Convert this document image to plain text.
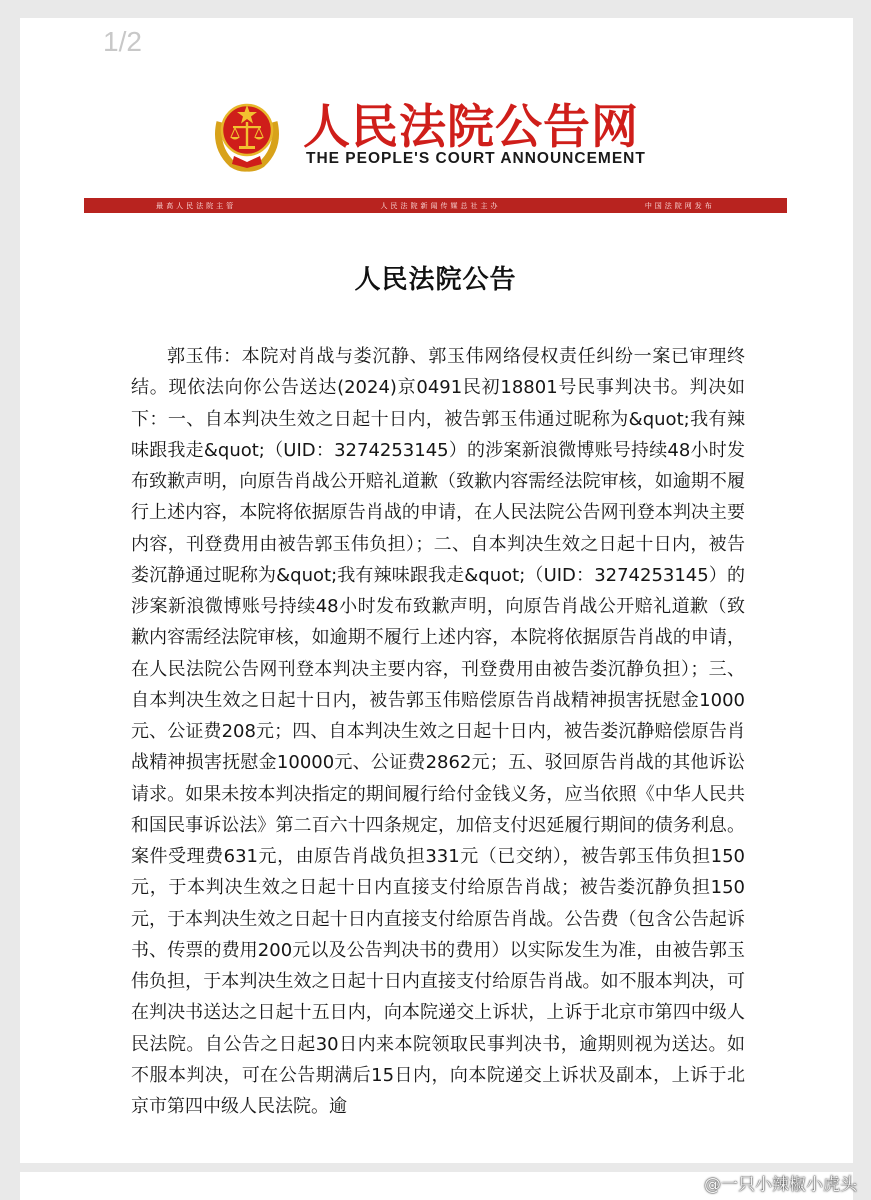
1/2
人民法院公告网
THE PEOPLE'S COURT ANNOUNCEMENT
最高人民法院主管	人民法院新闻传媒总社主办	中国法院网发布
人民法院公告

郭玉伟：本院对肖战与娄沉静、郭玉伟网络侵权责任纠纷一案已审理终结。现依法向你公告送达(2024)京0491民初18801号民事判决书。判决如下：一、自本判决生效之日起十日内，被告郭玉伟通过昵称为&quot;我有辣味跟我走&quot;（UID：3274253145）的涉案新浪微博账号持续48小时发布致歉声明，向原告肖战公开赔礼道歉（致歉内容需经法院审核，如逾期不履行上述内容，本院将依据原告肖战的申请，在人民法院公告网刊登本判决主要内容，刊登费用由被告郭玉伟负担）；二、自本判决生效之日起十日内，被告娄沉静通过昵称为&quot;我有辣味跟我走&quot;（UID：3274253145）的涉案新浪微博账号持续48小时发布致歉声明，向原告肖战公开赔礼道歉（致歉内容需经法院审核，如逾期不履行上述内容，本院将依据原告肖战的申请，在人民法院公告网刊登本判决主要内容，刊登费用由被告娄沉静负担）；三、自本判决生效之日起十日内，被告郭玉伟赔偿原告肖战精神损害抚慰金1000元、公证费208元；四、自本判决生效之日起十日内，被告娄沉静赔偿原告肖战精神损害抚慰金10000元、公证费2862元；五、驳回原告肖战的其他诉讼请求。如果未按本判决指定的期间履行给付金钱义务，应当依照《中华人民共和国民事诉讼法》第二百六十四条规定，加倍支付迟延履行期间的债务利息。案件受理费631元，由原告肖战负担331元（已交纳），被告郭玉伟负担150元，于本判决生效之日起十日内直接支付给原告肖战；被告娄沉静负担150元，于本判决生效之日起十日内直接支付给原告肖战。公告费（包含公告起诉书、传票的费用200元以及公告判决书的费用）以实际发生为准，由被告郭玉伟负担，于本判决生效之日起十日内直接支付给原告肖战。如不服本判决，可在判决书送达之日起十五日内，向本院递交上诉状，上诉于北京市第四中级人民法院。自公告之日起30日内来本院领取民事判决书，逾期则视为送达。如不服本判决，可在公告期满后15日内，向本院递交上诉状及副本，上诉于北京市第四中级人民法院。逾

@一只小辣椒小虎头
